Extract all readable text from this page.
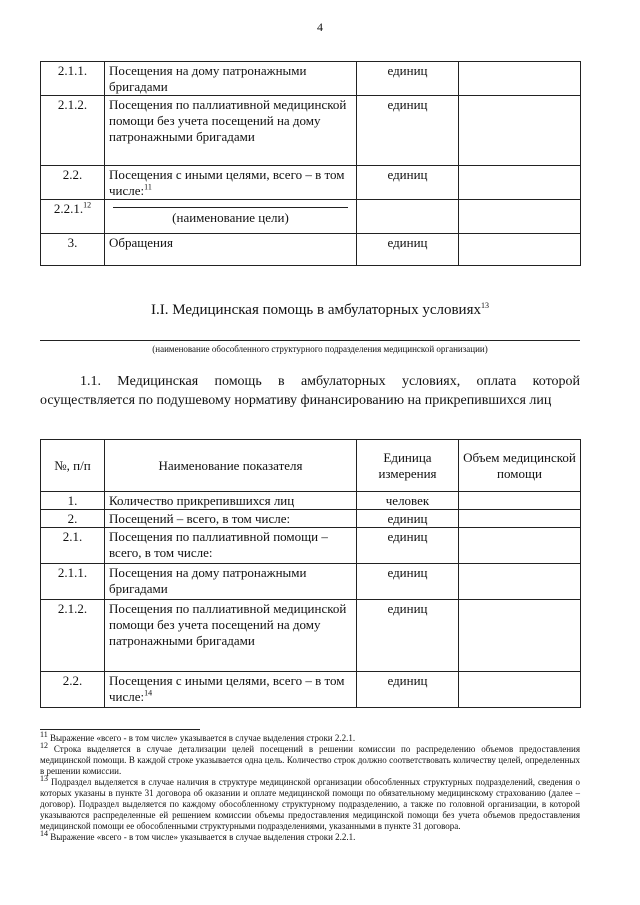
4
2.1.1.	Посещения на дому патронажными бригадами	единиц	
2.1.2.	Посещения по паллиативной медицинской помощи без учета посещений на дому патронажными бригадами	единиц	
2.2.	Посещения с иными целями, всего – в том числе:$^{11}$	единиц	
2.2.1.12	(наименование цели)		

3.	Обращения	единиц	
I.I. Медицинская помощь в амбулаторных условиях$^{13}$
(наименование обособленного структурного подразделения медицинской организации)
1.1. Медицинская помощь в амбулаторных условиях, оплата которой осуществляется по подушевому нормативу финансированию на прикрепившихся лиц
№, п/п	Наименование показателя	Единица измерения	Объем медицинской помощи
1.	Количество прикрепившихся лиц	человек	
2.	Посещений – всего, в том числе:	единиц	
2.1.	Посещения по паллиативной помощи – всего, в том числе:	единиц	
2.1.1.	Посещения на дому патронажными бригадами	единиц	
2.1.2.	Посещения по паллиативной медицинской помощи без учета посещений на дому патронажными бригадами	единиц	
2.2.	Посещения с иными целями, всего – в том числе:$^{14}$	единиц	

$^{11}$ Выражение «всего - в том числе» указывается в случае выделения строки 2.2.1.

$^{12}$ Строка выделяется в случае детализации целей посещений в решении комиссии по распределению объемов предоставления медицинской помощи. В каждой строке указывается одна цель. Количество строк должно соответствовать количеству целей, определенных в решении комиссии.

$^{13}$ Подраздел выделяется в случае наличия в структуре медицинской организации обособленных структурных подразделений, сведения о которых указаны в пункте 31 договора об оказании и оплате медицинской помощи по обязательному медицинскому страхованию (далее – договор). Подраздел выделяется по каждому обособленному структурному подразделению, а также по головной организации, в которой указываются распределенные ей решением комиссии объемы предоставления медицинской помощи без учета объемов предоставления медицинской помощи ее обособленными структурными подразделениями, указанными в пункте 31 договора.

$^{14}$ Выражение «всего - в том числе» указывается в случае выделения строки 2.2.1.
